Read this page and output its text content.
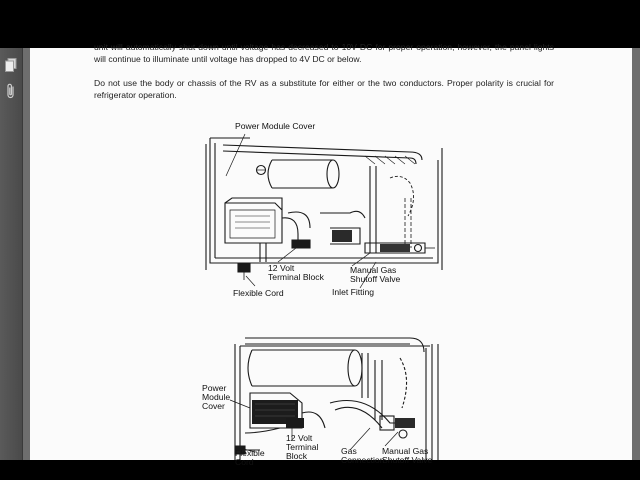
unit will automatically shut down until voltage has decreased to 10V DC for proper operation, however, the panel lights will continue to illuminate until voltage has dropped to 4V DC or below.

Do not use the body or chassis of the RV as a substitute for either or the two conductors. Proper polarity is crucial for refrigerator operation.

Power Module Cover
12 Volt
Terminal Block
Manual Gas
Shutoff Valve
Flexible Cord	Inlet Fitting
Power
Module
Cover
12 Volt
Terminal
Block
Flexible
Cord
Gas
Connection
Manual Gas
Shutoff Valve
